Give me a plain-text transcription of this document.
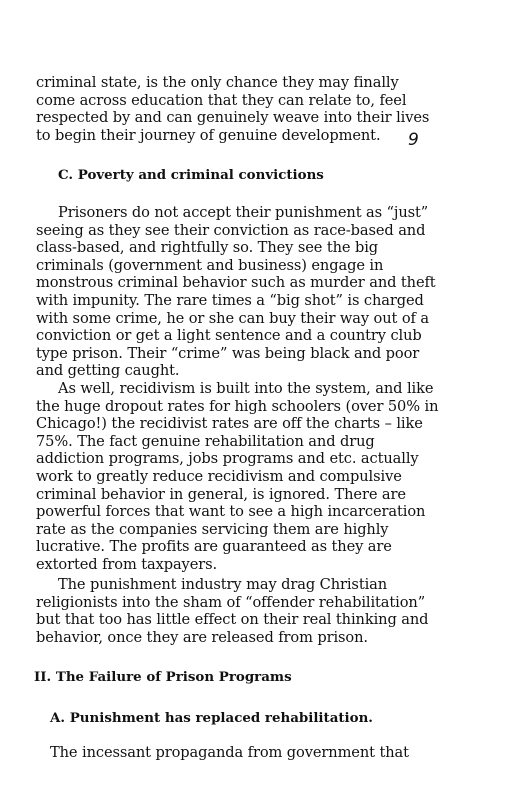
criminal state, is the only chance they may finally
come across education that they can relate to, feel
respected by and can genuinely weave into their lives
to begin their journey of genuine development.	9
C. Poverty and criminal convictions
Prisoners do not accept their punishment as “just”
seeing as they see their conviction as race-based and
class-based, and rightfully so. They see the big
criminals (government and business) engage in
monstrous criminal behavior such as murder and theft
with impunity. The rare times a “big shot” is charged
with some crime, he or she can buy their way out of a
conviction or get a light sentence and a country club
type prison. Their “crime” was being black and poor
and getting caught.
As well, recidivism is built into the system, and like
the huge dropout rates for high schoolers (over 50% in
Chicago!) the recidivist rates are off the charts – like
75%. The fact genuine rehabilitation and drug
addiction programs, jobs programs and etc. actually
work to greatly reduce recidivism and compulsive
criminal behavior in general, is ignored. There are
powerful forces that want to see a high incarceration
rate as the companies servicing them are highly
lucrative. The profits are guaranteed as they are
extorted from taxpayers.
The punishment industry may drag Christian
religionists into the sham of “offender rehabilitation”
but that too has little effect on their real thinking and
behavior, once they are released from prison.
II. The Failure of Prison Programs
A. Punishment has replaced rehabilitation.
The incessant propaganda from government that
